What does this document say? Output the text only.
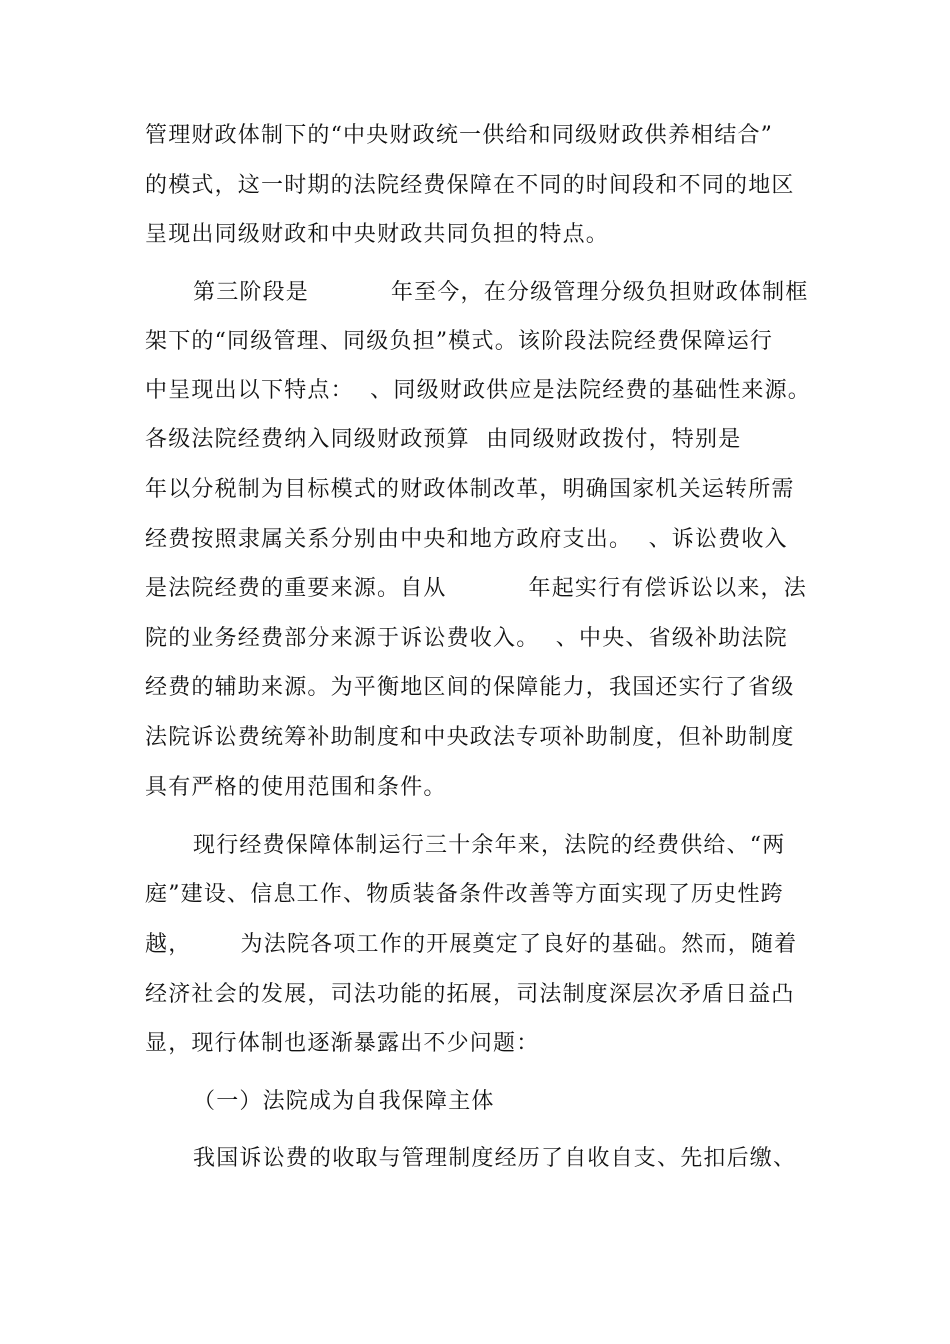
管理财政体制下的“中央财政统一供给和同级财政供养相结合”
的模式，这一时期的法院经费保障在不同的时间段和不同的地区
呈现出同级财政和中央财政共同负担的特点。
第三阶段是          年至今，在分级管理分级负担财政体制框
架下的“同级管理、同级负担”模式。该阶段法院经费保障运行
中呈现出以下特点：  、同级财政供应是法院经费的基础性来源。
各级法院经费纳入同级财政预算  由同级财政拨付，特别是
年以分税制为目标模式的财政体制改革，明确国家机关运转所需
经费按照隶属关系分别由中央和地方政府支出。  、诉讼费收入
是法院经费的重要来源。自从          年起实行有偿诉讼以来，法
院的业务经费部分来源于诉讼费收入。  、中央、省级补助法院
经费的辅助来源。为平衡地区间的保障能力，我国还实行了省级
法院诉讼费统筹补助制度和中央政法专项补助制度，但补助制度
具有严格的使用范围和条件。
现行经费保障体制运行三十余年来，法院的经费供给、“两
庭”建设、信息工作、物质装备条件改善等方面实现了历史性跨
越，      为法院各项工作的开展奠定了良好的基础。然而，随着
经济社会的发展，司法功能的拓展，司法制度深层次矛盾日益凸
显，现行体制也逐渐暴露出不少问题：
（一）法院成为自我保障主体
我国诉讼费的收取与管理制度经历了自收自支、先扣后缴、
